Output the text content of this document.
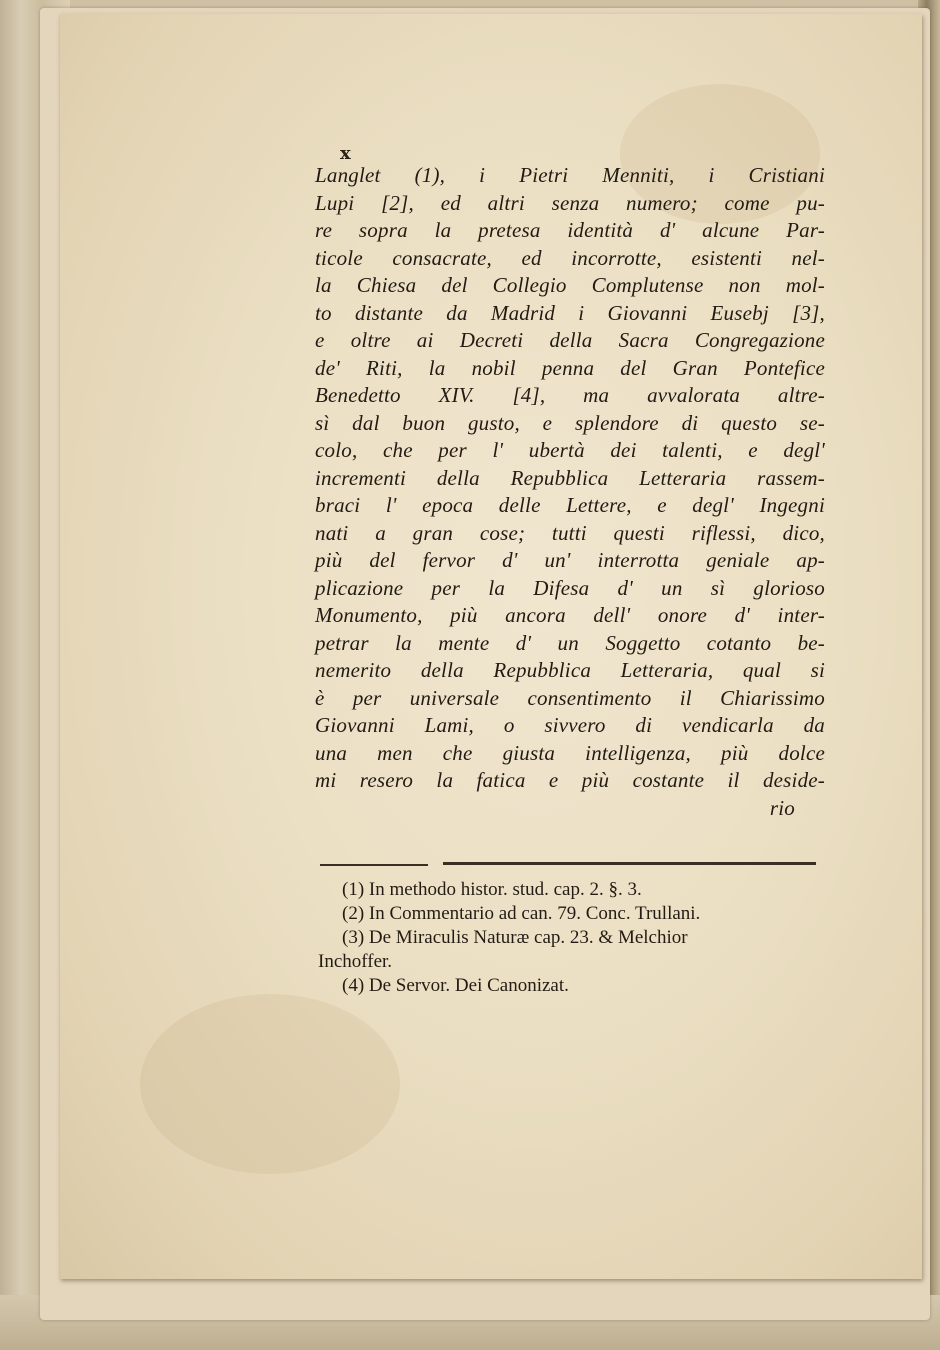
x
Langlet (1), i Pietri Menniti, i Cristiani
Lupi [2], ed altri senza numero; come pu-
re sopra la pretesa identità d' alcune Par-
ticole consacrate, ed incorrotte, esistenti nel-
la Chiesa del Collegio Complutense non mol-
to distante da Madrid i Giovanni Eusebj [3],
e oltre ai Decreti della Sacra Congregazione
de' Riti, la nobil penna del Gran Pontefice
Benedetto XIV. [4], ma avvalorata altre-
sì dal buon gusto, e splendore di questo se-
colo, che per l' ubertà dei talenti, e degl'
incrementi della Repubblica Letteraria rassem-
braci l' epoca delle Lettere, e degl' Ingegni
nati a gran cose; tutti questi riflessi, dico,
più del fervor d' un' interrotta geniale ap-
plicazione per la Difesa d' un sì glorioso
Monumento, più ancora dell' onore d' inter-
petrar la mente d' un Soggetto cotanto be-
nemerito della Repubblica Letteraria, qual si
è per universale consentimento il Chiarissimo
Giovanni Lami, o sivvero di vendicarla da
una men che giusta intelligenza, più dolce
mi resero la fatica e più costante il deside-
rio
(1) In methodo histor. stud. cap. 2. §. 3.
(2) In Commentario ad can. 79. Conc. Trullani.
(3) De Miraculis Naturæ cap. 23. & Melchior
Inchoffer.
(4) De Servor. Dei Canonizat.
